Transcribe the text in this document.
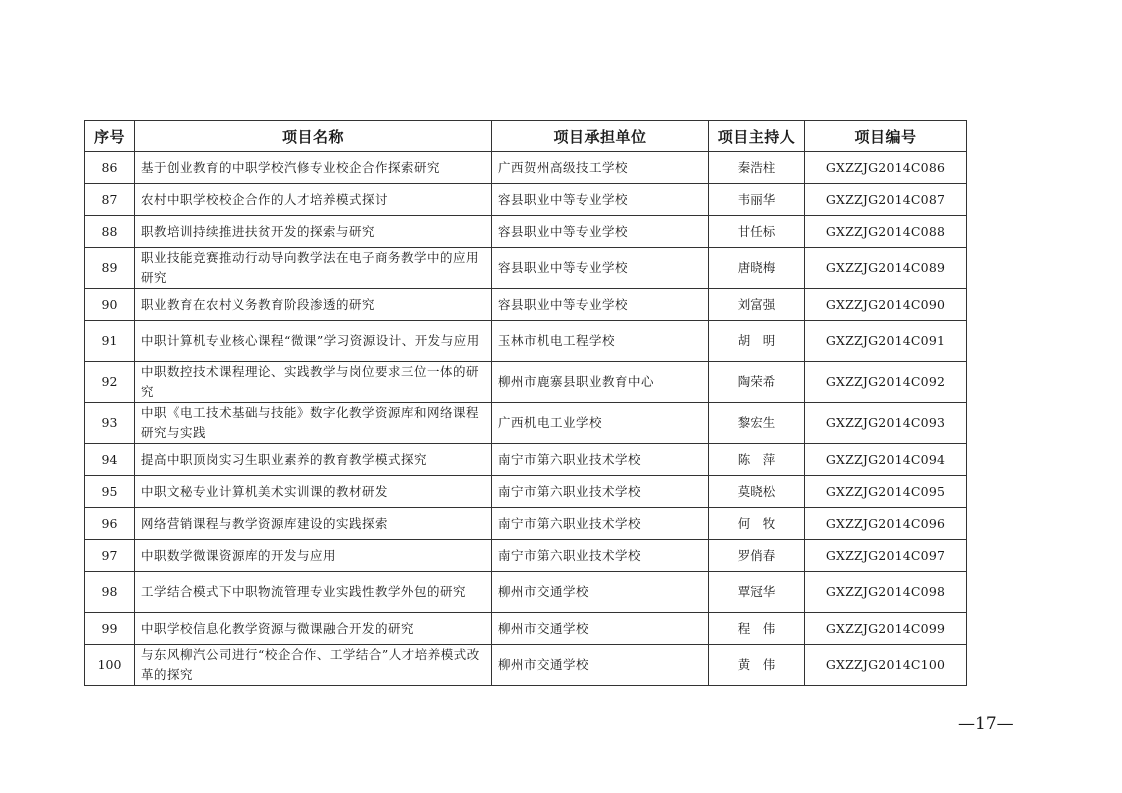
序号	项目名称	项目承担单位	项目主持人	项目编号
86	基于创业教育的中职学校汽修专业校企合作探索研究	广西贺州高级技工学校	秦浩柱	GXZZJG2014C086
87	农村中职学校校企合作的人才培养模式探讨	容县职业中等专业学校	韦丽华	GXZZJG2014C087
88	职教培训持续推进扶贫开发的探索与研究	容县职业中等专业学校	甘任标	GXZZJG2014C088
89	职业技能竞赛推动行动导向教学法在电子商务教学中的应用研究	容县职业中等专业学校	唐晓梅	GXZZJG2014C089
90	职业教育在农村义务教育阶段渗透的研究	容县职业中等专业学校	刘富强	GXZZJG2014C090
91	中职计算机专业核心课程“微课”学习资源设计、开发与应用	玉林市机电工程学校	胡　明	GXZZJG2014C091
92	中职数控技术课程理论、实践教学与岗位要求三位一体的研究	柳州市鹿寨县职业教育中心	陶荣希	GXZZJG2014C092
93	中职《电工技术基础与技能》数字化教学资源库和网络课程研究与实践	广西机电工业学校	黎宏生	GXZZJG2014C093
94	提高中职顶岗实习生职业素养的教育教学模式探究	南宁市第六职业技术学校	陈　萍	GXZZJG2014C094
95	中职文秘专业计算机美术实训课的教材研发	南宁市第六职业技术学校	莫晓松	GXZZJG2014C095
96	网络营销课程与教学资源库建设的实践探索	南宁市第六职业技术学校	何　牧	GXZZJG2014C096
97	中职数学微课资源库的开发与应用	南宁市第六职业技术学校	罗俏春	GXZZJG2014C097
98	工学结合模式下中职物流管理专业实践性教学外包的研究	柳州市交通学校	覃冠华	GXZZJG2014C098
99	中职学校信息化教学资源与微课融合开发的研究	柳州市交通学校	程　伟	GXZZJG2014C099
100	与东风柳汽公司进行“校企合作、工学结合”人才培养模式改革的探究	柳州市交通学校	黄　伟	GXZZJG2014C100
—17—
